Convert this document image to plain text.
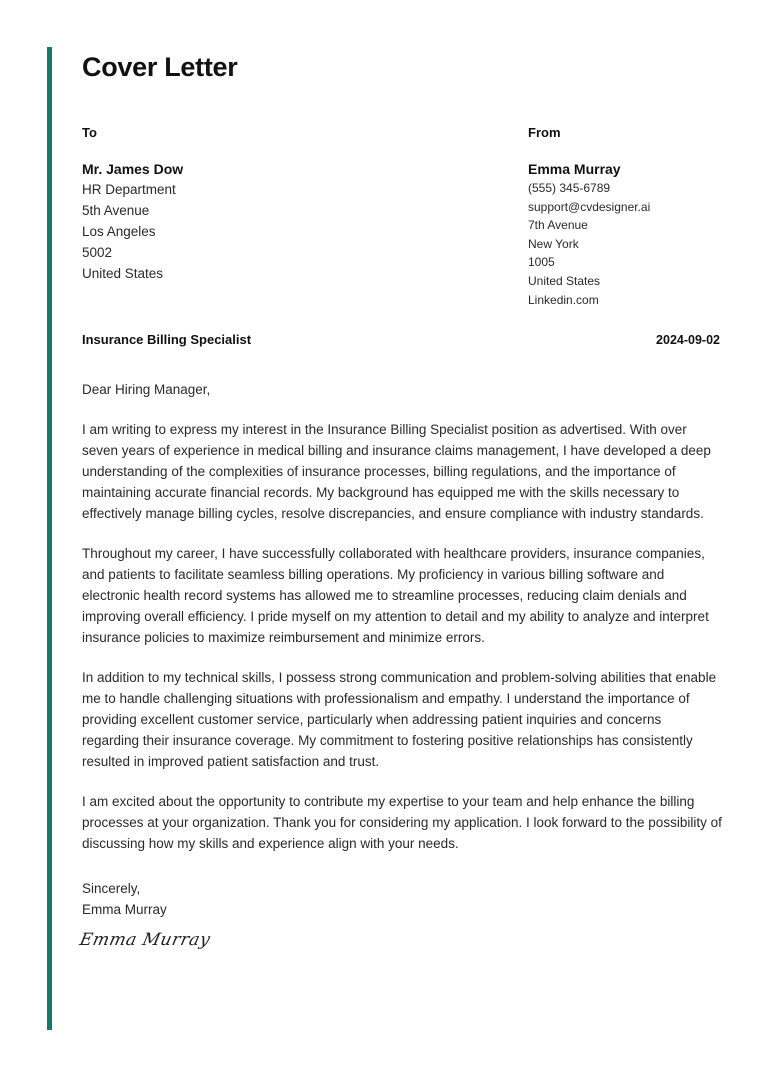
Cover Letter
To
Mr. James Dow
HR Department
5th Avenue
Los Angeles
5002
United States
From
Emma Murray
(555) 345-6789
support@cvdesigner.ai
7th Avenue
New York
1005
United States
Linkedin.com
Insurance Billing Specialist	2024-09-02

Dear Hiring Manager,

I am writing to express my interest in the Insurance Billing Specialist position as advertised. With over seven years of experience in medical billing and insurance claims management, I have developed a deep understanding of the complexities of insurance processes, billing regulations, and the importance of maintaining accurate financial records. My background has equipped me with the skills necessary to effectively manage billing cycles, resolve discrepancies, and ensure compliance with industry standards.

Throughout my career, I have successfully collaborated with healthcare providers, insurance companies, and patients to facilitate seamless billing operations. My proficiency in various billing software and electronic health record systems has allowed me to streamline processes, reducing claim denials and improving overall efficiency. I pride myself on my attention to detail and my ability to analyze and interpret insurance policies to maximize reimbursement and minimize errors.

In addition to my technical skills, I possess strong communication and problem-solving abilities that enable me to handle challenging situations with professionalism and empathy. I understand the importance of providing excellent customer service, particularly when addressing patient inquiries and concerns regarding their insurance coverage. My commitment to fostering positive relationships has consistently resulted in improved patient satisfaction and trust.

I am excited about the opportunity to contribute my expertise to your team and help enhance the billing processes at your organization. Thank you for considering my application. I look forward to the possibility of discussing how my skills and experience align with your needs.

Sincerely,
Emma Murray
Emma Murray
